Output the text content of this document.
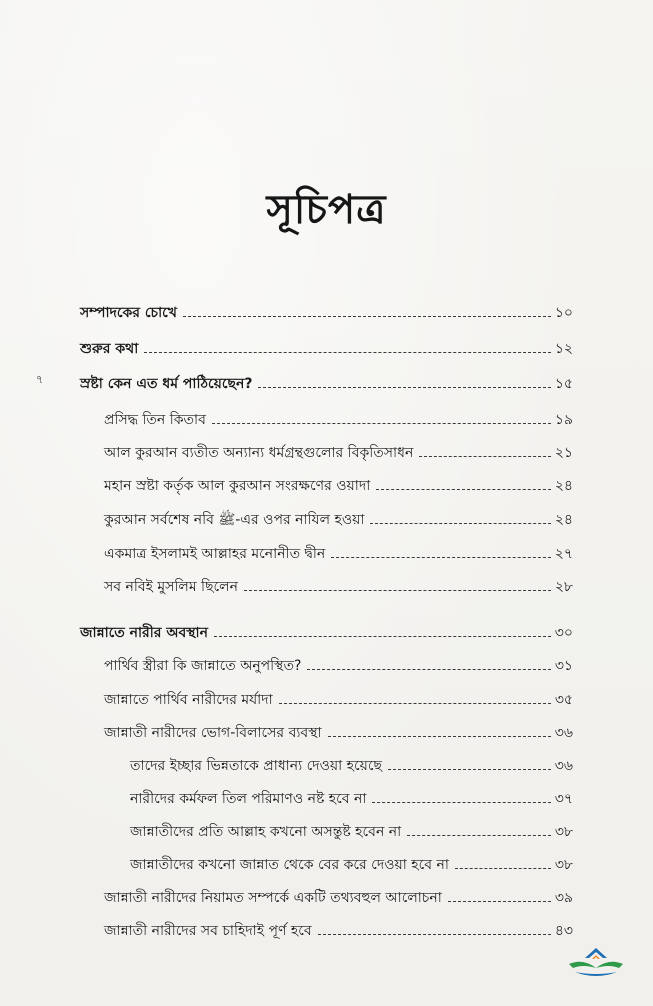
সূচিপত্র
৭
সম্পাদকের চোখে	১০
শুরুর কথা	১২
স্রষ্টা কেন এত ধর্ম পাঠিয়েছেন?	১৫
প্রসিদ্ধ তিন কিতাব	১৯
আল কুরআন ব্যতীত অন্যান্য ধর্মগ্রন্থগুলোর বিকৃতিসাধন	২১
মহান স্রষ্টা কর্তৃক আল কুরআন সংরক্ষণের ওয়াদা	২৪
কুরআন সর্বশেষ নবি ﷺ-এর ওপর নাযিল হওয়া	২৪
একমাত্র ইসলামই আল্লাহর মনোনীত দ্বীন	২৭
সব নবিই মুসলিম ছিলেন	২৮
জান্নাতে নারীর অবস্থান	৩০
পার্থিব স্ত্রীরা কি জান্নাতে অনুপস্থিত?	৩১
জান্নাতে পার্থিব নারীদের মর্যাদা	৩৫
জান্নাতী নারীদের ভোগ-বিলাসের ব্যবস্থা	৩৬
তাদের ইচ্ছার ভিন্নতাকে প্রাধান্য দেওয়া হয়েছে	৩৬
নারীদের কর্মফল তিল পরিমাণও নষ্ট হবে না	৩৭
জান্নাতীদের প্রতি আল্লাহ কখনো অসন্তুষ্ট হবেন না	৩৮
জান্নাতীদের কখনো জান্নাত থেকে বের করে দেওয়া হবে না	৩৮
জান্নাতী নারীদের নিয়ামত সম্পর্কে একটি তথ্যবহুল আলোচনা	৩৯
জান্নাতী নারীদের সব চাহিদাই পূর্ণ হবে	৪৩
